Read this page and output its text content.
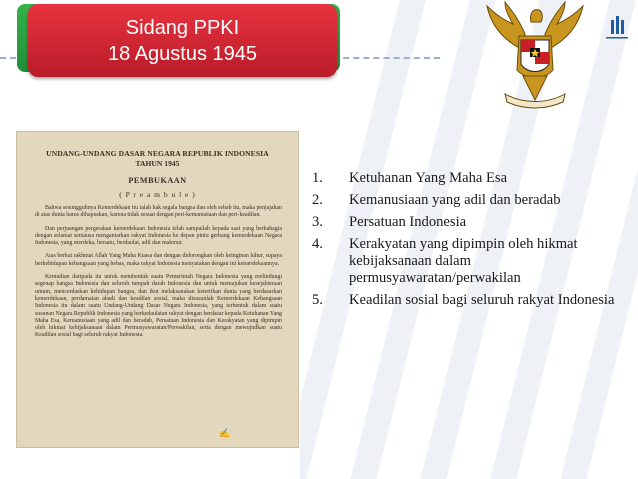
Sidang PPKI
18 Agustus 1945
UNDANG-UNDANG DASAR NEGARA REPUBLIK INDONESIA
TAHUN 1945
PEMBUKAAN
( P r e a m b u l e )

Bahwa sesungguhnya Kemerdekaan itu ialah hak segala bangsa dan oleh sebab itu, maka penjajahan di atas dunia harus dihapuskan, karena tidak sesuai dengan peri-kemanusiaan dan peri-keadilan.

Dan perjuangan pergerakan kemerdekaan Indonesia telah sampailah kepada saat yang berbahagia dengan selamat sentausa mengantarkan rakyat Indonesia ke depan pintu gerbang kemerdekaan Negara Indonesia, yang merdeka, bersatu, berdaulat, adil dan makmur.

Atas berkat rakhmat Allah Yang Maha Kuasa dan dengan didorongkan oleh keinginan luhur, supaya berkehidupan kebangsaan yang bebas, maka rakyat Indonesia menyatakan dengan ini kemerdekaannya.

Kemudian daripada itu untuk membentuk suatu Pemerintah Negara Indonesia yang melindungi segenap bangsa Indonesia dan seluruh tumpah darah Indonesia dan untuk memajukan kesejahteraan umum, mencerdaskan kehidupan bangsa, dan ikut melaksanakan ketertiban dunia yang berdasarkan kemerdekaan, perdamaian abadi dan keadilan sosial, maka disusunlah Kemerdekaan Kebangsaan Indonesia itu dalam suatu Undang-Undang Dasar Negara Indonesia, yang terbentuk dalam suatu susunan Negara Republik Indonesia yang berkedaulatan rakyat dengan berdasar kepada Ketuhanan Yang Maha Esa, Kemanusiaan yang adil dan beradab, Persatuan Indonesia dan Kerakyatan yang dipimpin oleh hikmat kebijaksanaan dalam Permusyawaratan/Perwakilan, serta dengan mewujudkan suatu Keadilan sosial bagi seluruh rakyat Indonesia.

✍
1.	Ketuhanan Yang Maha Esa
2.	Kemanusiaan yang adil dan beradab
3.	Persatuan Indonesia
4.	Kerakyatan yang dipimpin oleh hikmat kebijaksanaan dalam permusyawaratan/perwakilan
5.	Keadilan sosial bagi seluruh rakyat Indonesia
